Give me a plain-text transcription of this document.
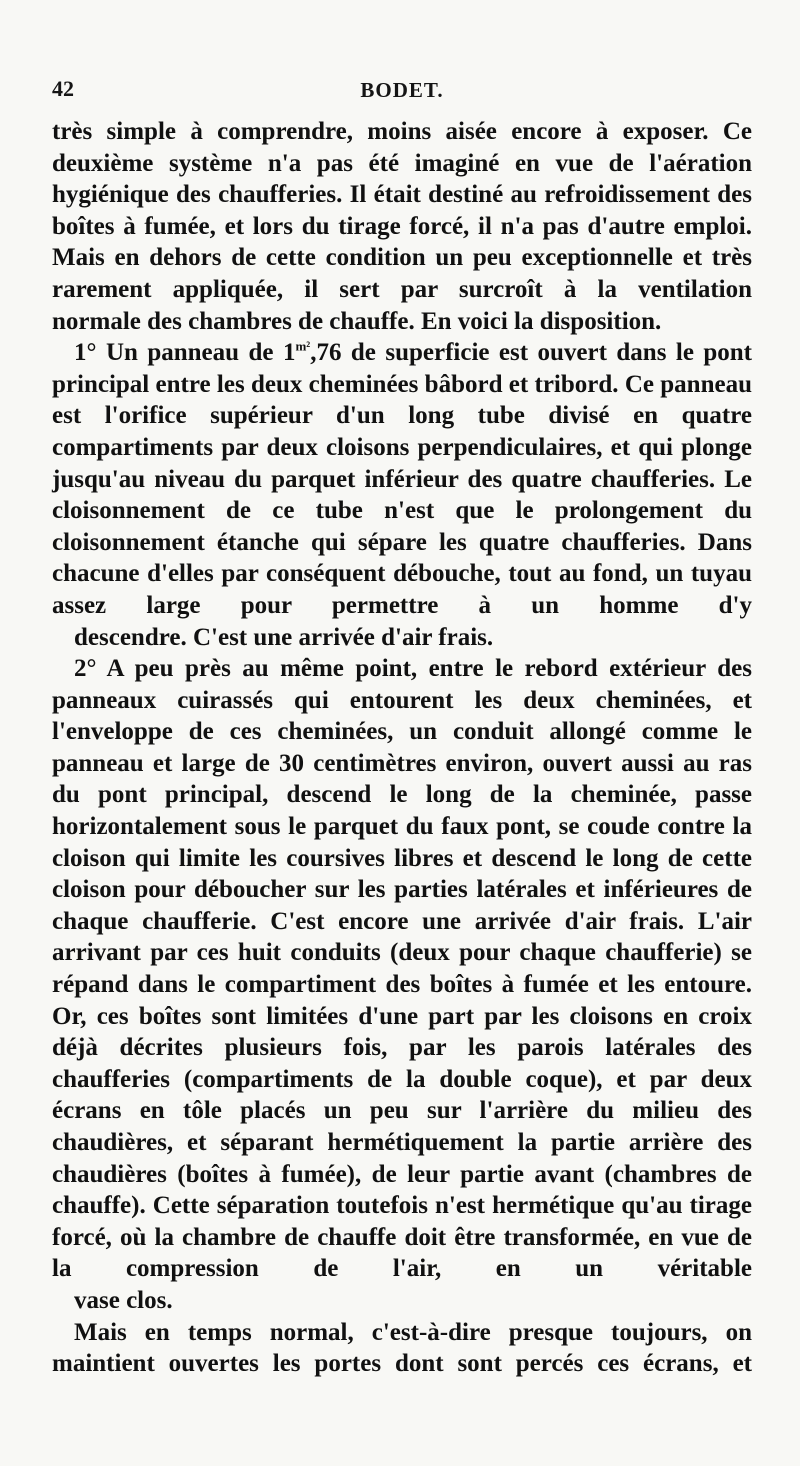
42	BODET.

très simple à comprendre, moins aisée encore à exposer. Ce deuxième système n'a pas été imaginé en vue de l'aération hygiénique des chaufferies. Il était destiné au refroidissement des boîtes à fumée, et lors du tirage forcé, il n'a pas d'autre emploi. Mais en dehors de cette condition un peu exceptionnelle et très rarement appliquée, il sert par surcroît à la ventilation
normale des chambres de chauffe. En voici la disposition.

1° Un panneau de $1^{m^2},76$ de superficie est ouvert dans le pont principal entre les deux cheminées bâbord et tribord. Ce panneau est l'orifice supérieur d'un long tube divisé en quatre compartiments par deux cloisons perpendiculaires, et qui plonge jusqu'au niveau du parquet inférieur des quatre chaufferies. Le cloisonnement de ce tube n'est que le prolongement du cloisonnement étanche qui sépare les quatre chaufferies. Dans chacune d'elles par conséquent débouche, tout au fond, un tuyau assez large pour permettre à un homme d'y
descendre. C'est une arrivée d'air frais.

2° A peu près au même point, entre le rebord extérieur des panneaux cuirassés qui entourent les deux cheminées, et l'enveloppe de ces cheminées, un conduit allongé comme le panneau et large de 30 centimètres environ, ouvert aussi au ras du pont principal, descend le long de la cheminée, passe horizontalement sous le parquet du faux pont, se coude contre la cloison qui limite les coursives libres et descend le long de cette cloison pour déboucher sur les parties latérales et inférieures de chaque chaufferie. C'est encore une arrivée d'air frais. L'air arrivant par ces huit conduits (deux pour chaque chaufferie) se répand dans le compartiment des boîtes à fumée et les entoure. Or, ces boîtes sont limitées d'une part par les cloisons en croix déjà décrites plusieurs fois, par les parois latérales des chaufferies (compartiments de la double coque), et par deux écrans en tôle placés un peu sur l'arrière du milieu des chaudières, et séparant hermétiquement la partie arrière des chaudières (boîtes à fumée), de leur partie avant (chambres de chauffe). Cette séparation toutefois n'est hermétique qu'au tirage forcé, où la chambre de chauffe doit être transformée, en vue de la compression de l'air, en un véritable
vase clos.

Mais en temps normal, c'est-à-dire presque toujours, on maintient ouvertes les portes dont sont percés ces écrans, et
